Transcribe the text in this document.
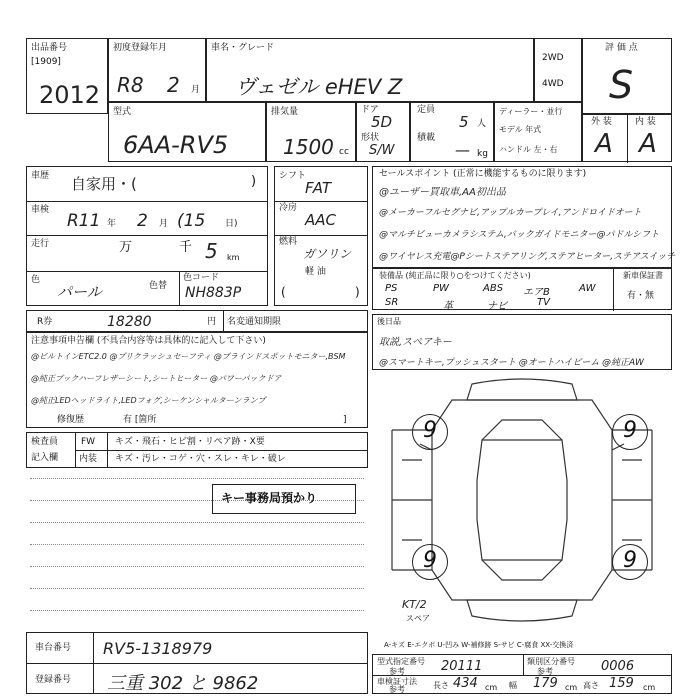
出品番号
[1909]
2012
初度登録年月
R8 2 月
車名・グレード
ヴェゼル eHEV Z
2WD
4WD
評 価 点
S
型式
6AA-RV5
排気量
1500 cc
ドア
5D
形状
S/W
定員
5 人
積載
— kg
ディーラー・並行
モデル 年式
ハンドル 左・右
外 装	内 装
A A
車歴 自家用・(	)
車検
R11 年 2 月 (15 日)
走行	万	千 5 km
色
パール	色替
色コード
NH883P
シフト
FAT
冷房
AAC
燃料
ガソリン
軽 油
(	)
セールスポイント (正常に機能するものに限ります)
@ユーザー買取車,AA初出品
@メーカーフルセグナビ,アップルカープレイ,アンドロイドオート
@マルチビューカメラシステム,バックガイドモニター@パドルシフト
@ワイヤレス充電@Pシートステアリング,ステアヒーター,ステアスイッチ
装備品 (純正品に限り○をつけてください)	新車保証書
PS	PW	ABS エアB	AW
SR	革	ナビ	TV
有・無
R券	18280	円 名変通知期限
注意事項申告欄 (不具合内容等は具体的に記入して下さい)
@ビルトインETC2.0 @プリクラッシュセーフティ @ブラインドスポットモニター,BSM
@純正ブックハーフレザーシート,シートヒーター @パワーバックドア
@純正LEDヘッドライト,LEDフォグ,シーケンシャルターンランプ
修復歴	有 [箇所	]
後日品
取説,スペアキー
@スマートキー,プッシュスタート @オートハイビーム @純正AW
検査員
記入欄
FW キズ・飛石・ヒビ割・リペア跡・X要
内装 キズ・汚レ・コゲ・穴・スレ・キレ・破レ
キー事務局預かり
9	9
9	9
KT/2
スペア
A-キズ E-エクボ U-凹み W-補修跡 S-サビ C-腐食 XX-交換済
車台番号 RV5-1318979
登録番号 三重 302 と 9862
型式指定番号
参考	20111	類別区分番号
参考	0006
車検証寸法
参考	長さ 434 cm 幅 179 cm 高さ 159 cm
